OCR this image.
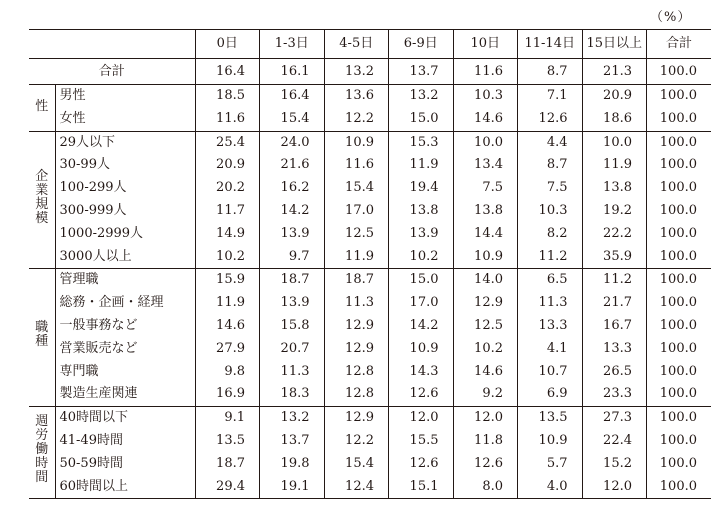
（%）
		0日	1-3日	4-5日	6-9日	10日	11-14日	15日以上	合計
合計		16.4	16.1	13.2	13.7	11.6	8.7	21.3	100.0
性	男性	18.5	16.4	13.6	13.2	10.3	7.1	20.9	100.0
	女性	11.6	15.4	12.2	15.0	14.6	12.6	18.6	100.0
企業規模	29人以下	25.4	24.0	10.9	15.3	10.0	4.4	10.0	100.0
	30-99人	20.9	21.6	11.6	11.9	13.4	8.7	11.9	100.0
	100-299人	20.2	16.2	15.4	19.4	7.5	7.5	13.8	100.0
	300-999人	11.7	14.2	17.0	13.8	13.8	10.3	19.2	100.0
	1000-2999人	14.9	13.9	12.5	13.9	14.4	8.2	22.2	100.0
	3000人以上	10.2	9.7	11.9	10.2	10.9	11.2	35.9	100.0
職種	管理職	15.9	18.7	18.7	15.0	14.0	6.5	11.2	100.0
	総務・企画・経理	11.9	13.9	11.3	17.0	12.9	11.3	21.7	100.0
	一般事務など	14.6	15.8	12.9	14.2	12.5	13.3	16.7	100.0
	営業販売など	27.9	20.7	12.9	10.9	10.2	4.1	13.3	100.0
	専門職	9.8	11.3	12.8	14.3	14.6	10.7	26.5	100.0
	製造生産関連	16.9	18.3	12.8	12.6	9.2	6.9	23.3	100.0
週労働時間	40時間以下	9.1	13.2	12.9	12.0	12.0	13.5	27.3	100.0
	41-49時間	13.5	13.7	12.2	15.5	11.8	10.9	22.4	100.0
	50-59時間	18.7	19.8	15.4	12.6	12.6	5.7	15.2	100.0
	60時間以上	29.4	19.1	12.4	15.1	8.0	4.0	12.0	100.0
